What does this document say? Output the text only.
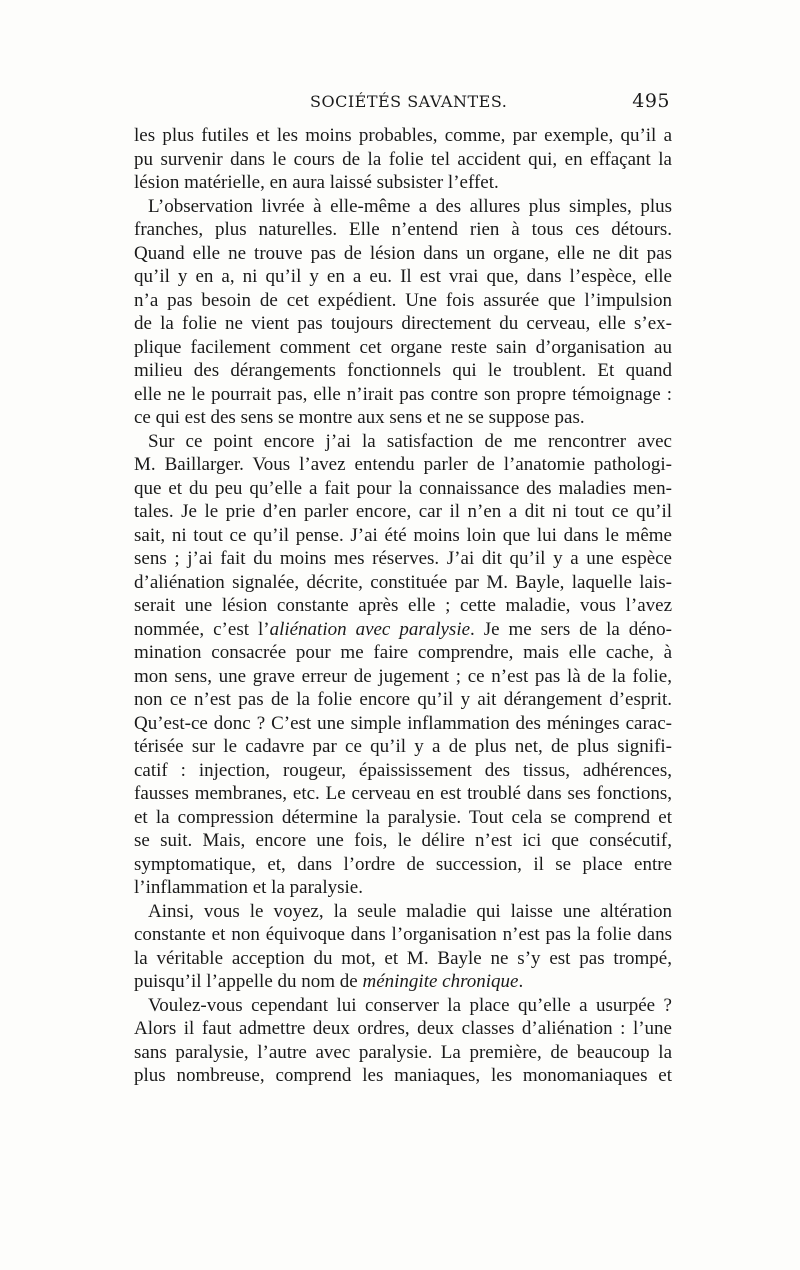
SOCIÉTÉS SAVANTES.	495
les plus futiles et les moins probables, comme, par exemple, qu’il a
pu survenir dans le cours de la folie tel accident qui, en effaçant la
lésion matérielle, en aura laissé subsister l’effet.
L’observation livrée à elle-même a des allures plus simples, plus
franches, plus naturelles. Elle n’entend rien à tous ces détours.
Quand elle ne trouve pas de lésion dans un organe, elle ne dit pas
qu’il y en a, ni qu’il y en a eu. Il est vrai que, dans l’espèce, elle
n’a pas besoin de cet expédient. Une fois assurée que l’impulsion
de la folie ne vient pas toujours directement du cerveau, elle s’ex-
plique facilement comment cet organe reste sain d’organisation au
milieu des dérangements fonctionnels qui le troublent. Et quand
elle ne le pourrait pas, elle n’irait pas contre son propre témoignage :
ce qui est des sens se montre aux sens et ne se suppose pas.
Sur ce point encore j’ai la satisfaction de me rencontrer avec
M. Baillarger. Vous l’avez entendu parler de l’anatomie pathologi-
que et du peu qu’elle a fait pour la connaissance des maladies men-
tales. Je le prie d’en parler encore, car il n’en a dit ni tout ce qu’il
sait, ni tout ce qu’il pense. J’ai été moins loin que lui dans le même
sens ; j’ai fait du moins mes réserves. J’ai dit qu’il y a une espèce
d’aliénation signalée, décrite, constituée par M. Bayle, laquelle lais-
serait une lésion constante après elle ; cette maladie, vous l’avez
nommée, c’est l’aliénation avec paralysie. Je me sers de la déno-
mination consacrée pour me faire comprendre, mais elle cache, à
mon sens, une grave erreur de jugement ; ce n’est pas là de la folie,
non ce n’est pas de la folie encore qu’il y ait dérangement d’esprit.
Qu’est-ce donc ? C’est une simple inflammation des méninges carac-
térisée sur le cadavre par ce qu’il y a de plus net, de plus signifi-
catif : injection, rougeur, épaississement des tissus, adhérences,
fausses membranes, etc. Le cerveau en est troublé dans ses fonctions,
et la compression détermine la paralysie. Tout cela se comprend et
se suit. Mais, encore une fois, le délire n’est ici que consécutif,
symptomatique, et, dans l’ordre de succession, il se place entre
l’inflammation et la paralysie.
Ainsi, vous le voyez, la seule maladie qui laisse une altération
constante et non équivoque dans l’organisation n’est pas la folie dans
la véritable acception du mot, et M. Bayle ne s’y est pas trompé,
puisqu’il l’appelle du nom de méningite chronique.
Voulez-vous cependant lui conserver la place qu’elle a usurpée ?
Alors il faut admettre deux ordres, deux classes d’aliénation : l’une
sans paralysie, l’autre avec paralysie. La première, de beaucoup la
plus nombreuse, comprend les maniaques, les monomaniaques et
